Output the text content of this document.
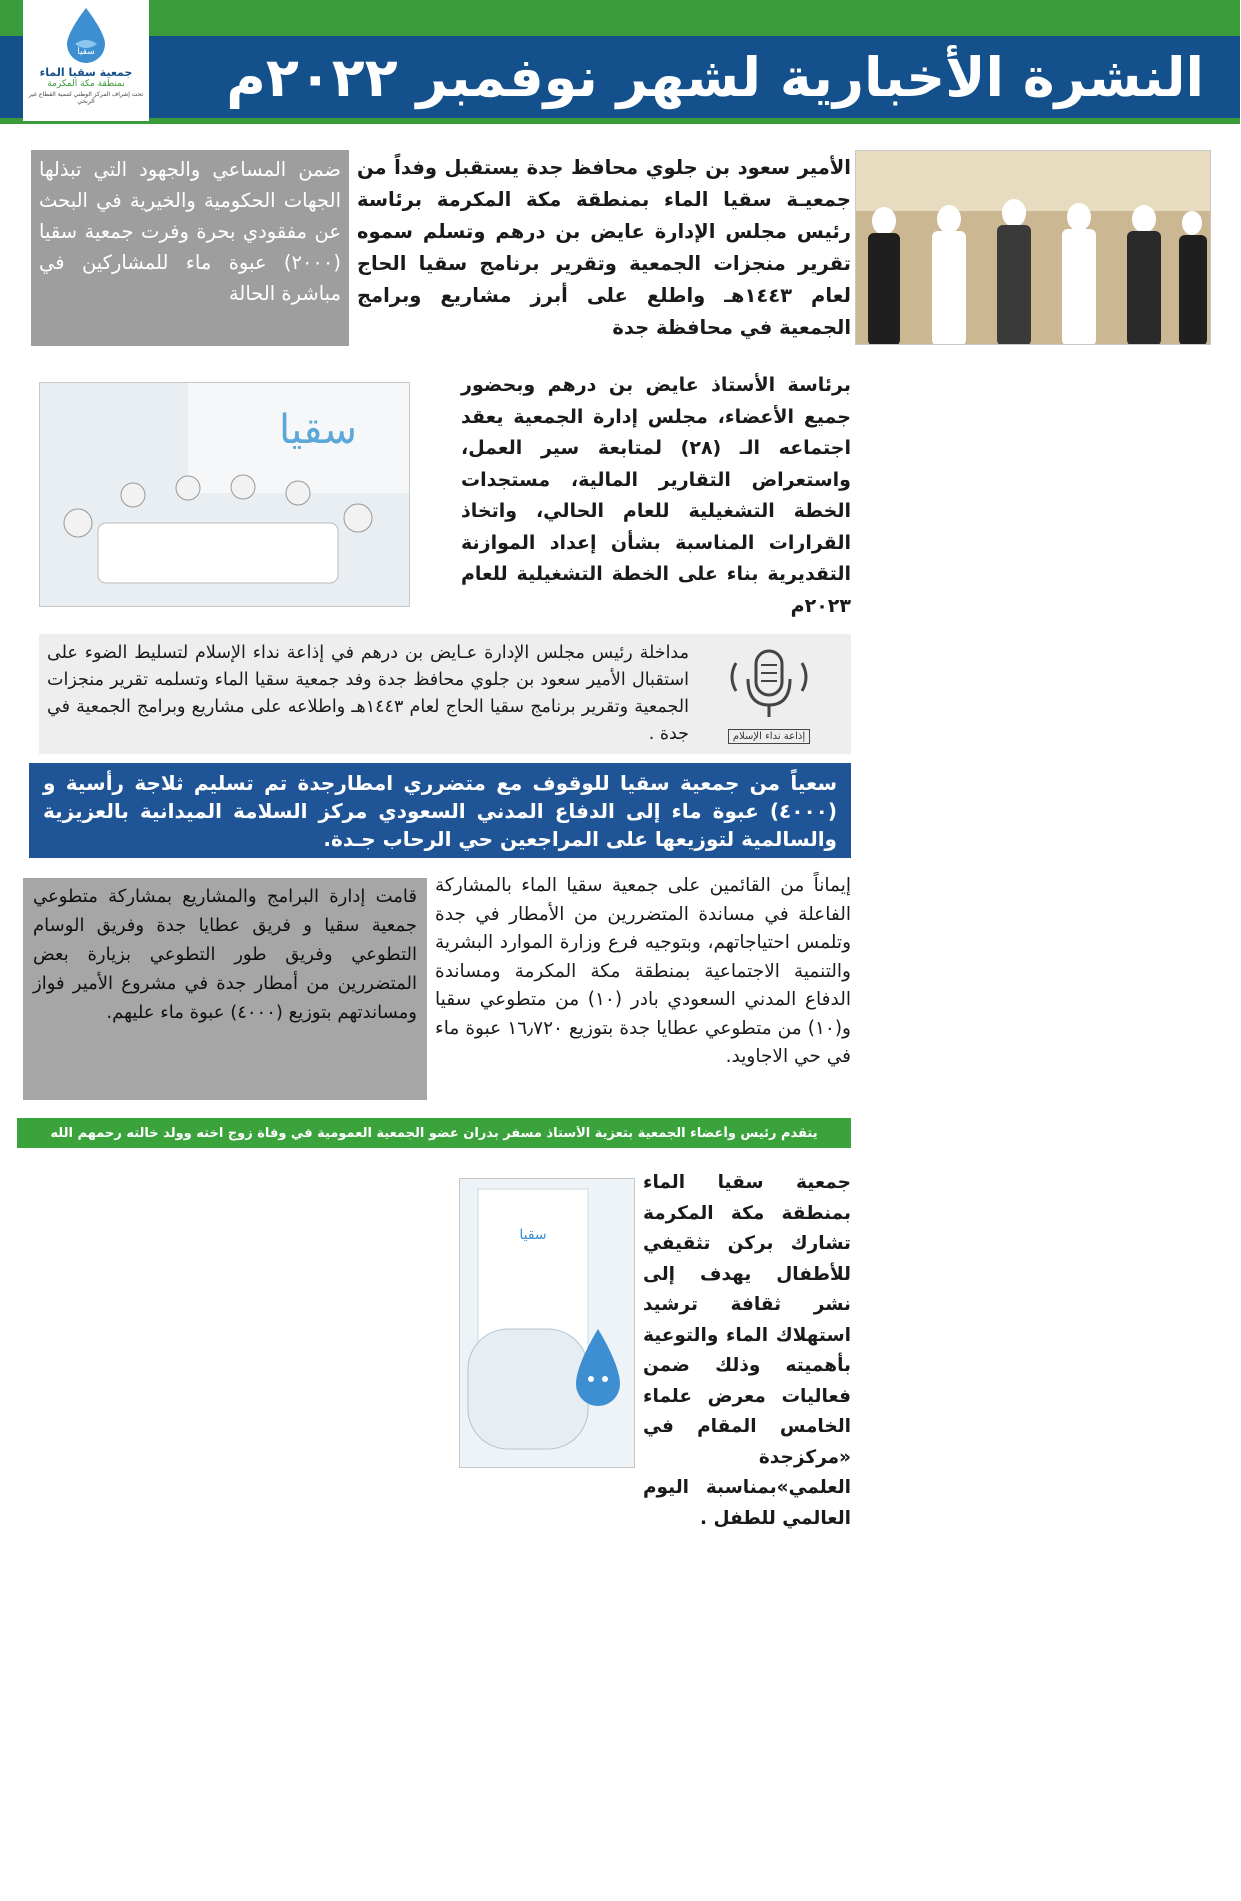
النشرة الأخبارية لشهر نوفمبر ٢٠٢٢م
سقيا
جمعية سقيا الماء
بمنطقة مكة المكرمة
تحت إشراف المركز الوطني لتنمية القطاع غير الربحي
الأمير سعود بن جلوي محافظ جدة يستقبل وفداً من جمعيـة سقيا الماء بمنطقة مكة المكرمة برئاسة رئيس مجلس الإدارة عايض بن درهم وتسلم سموه تقرير منجزات الجمعية وتقرير برنامج سقيا الحاج لعام ١٤٤٣هـ واطلع على أبرز مشاريع وبرامج الجمعية في محافظة جدة
ضمن المساعي والجهود التي تبذلها الجهات الحكومية والخيرية في البحث عن مفقودي بحرة وفرت جمعية سقيا (٢٠٠٠) عبوة ماء للمشاركين في مباشرة الحالة
سقيا
برئاسة الأستاذ عايض بن درهم وبحضور جميع الأعضاء، مجلس إدارة الجمعية يعقد اجتماعه الـ (٢٨) لمتابعة سير العمل، واستعراض التقارير المالية، مستجدات الخطة التشغيلية للعام الحالي، واتخاذ القرارات المناسبة بشأن إعداد الموازنة التقديرية بناء على الخطة التشغيلية للعام ٢٠٢٣م
إذاعة نداء الإسلام
مداخلة رئيس مجلس الإدارة عـايض بن درهم في إذاعة نداء الإسلام لتسليط الضوء على استقبال الأمير سعود بن جلوي محافظ جدة وفد جمعية سقيا الماء وتسلمه تقرير منجزات الجمعية وتقرير برنامج سقيا الحاج لعام ١٤٤٣هـ واطلاعه على مشاريع وبرامج الجمعية في جدة .
سعياً من جمعية سقيا للوقوف مع متضرري امطارجدة تم تسليم ثلاجة رأسية و (٤٠٠٠) عبوة ماء إلى الدفاع المدني السعودي مركز السلامة الميدانية بالعزيزية والسالمية لتوزيعها على المراجعين حي الرحاب جـدة.
إيماناً من القائمين على جمعية سقيا الماء بالمشاركة الفاعلة في مساندة المتضررين من الأمطار في جدة وتلمس احتياجاتهم، وبتوجيه فرع وزارة الموارد البشرية والتنمية الاجتماعية بمنطقة مكة المكرمة ومساندة الدفاع المدني السعودي بادر (١٠) من متطوعي سقيا و(١٠) من متطوعي عطايا جدة بتوزيع ١٦٫٧٢٠ عبوة ماء في حي الاجاويد.
قامت إدارة البرامج والمشاريع بمشاركة متطوعي جمعية سقيا و فريق عطايا جدة وفريق الوسام التطوعي وفريق طور التطوعي بزيارة بعض المتضررين من أمطار جدة في مشروع الأمير فواز ومساندتهم بتوزيع (٤٠٠٠) عبوة ماء عليهم.
يتقدم رئيس وأعضاء الجمعية بتعزية الأستاذ مسفر بدران عضو الجمعية العمومية في وفاة زوج اخته وولد خالته رحمهم الله
جمعية سقيا الماء بمنطقة مكة المكرمة تشارك بركن تثقيفي للأطفال يهدف إلى نشر ثقافة ترشيد استهلاك الماء والتوعية بأهميته وذلك ضمن فعاليات معرض علماء الخامس المقام في «مركزجدة العلمي»بمناسبة اليوم العالمي للطفل .
سقيا
